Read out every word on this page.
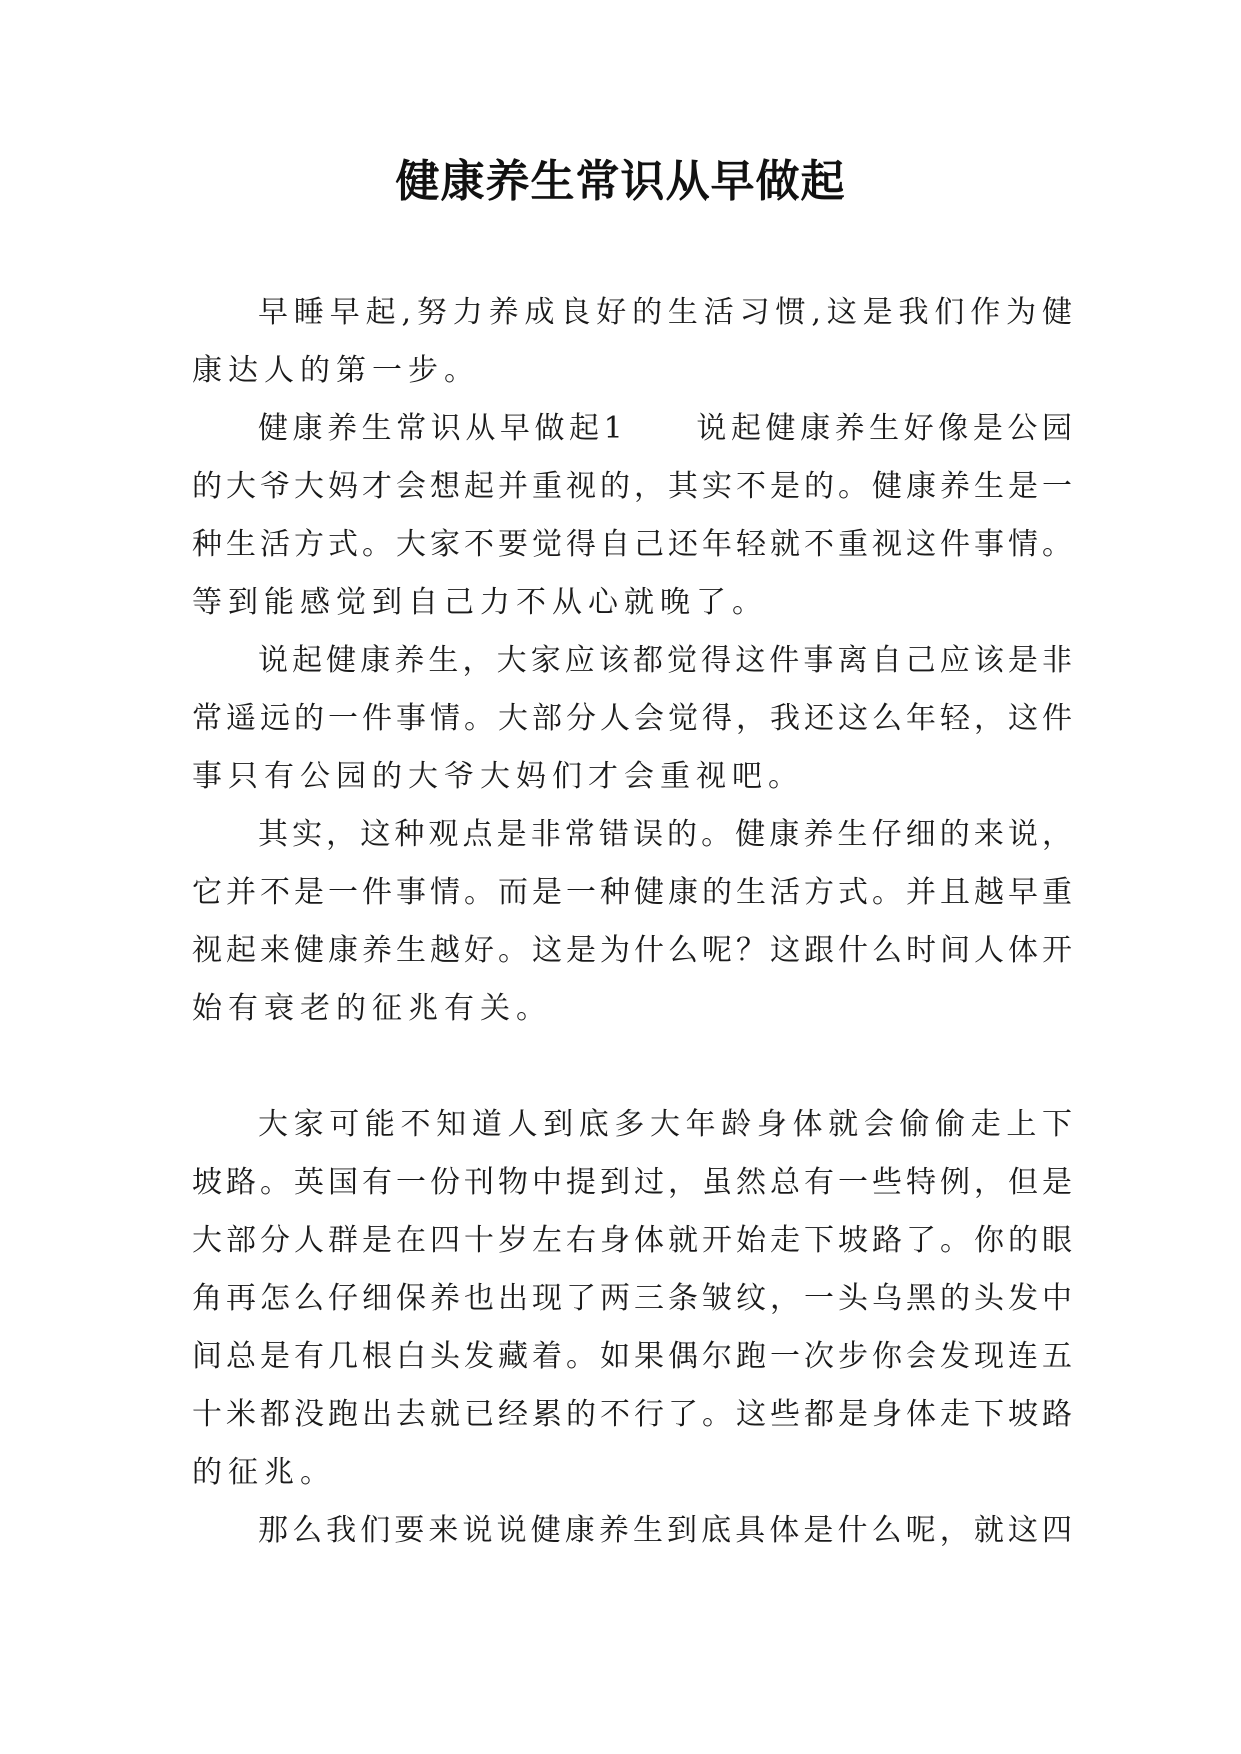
健康养生常识从早做起
早睡早起,努力养成良好的生活习惯,这是我们作为健
康达人的第一步。
健康养生常识从早做起1　　说起健康养生好像是公园
的大爷大妈才会想起并重视的，其实不是的。健康养生是一
种生活方式。大家不要觉得自己还年轻就不重视这件事情。
等到能感觉到自己力不从心就晚了。
说起健康养生，大家应该都觉得这件事离自己应该是非
常遥远的一件事情。大部分人会觉得，我还这么年轻，这件
事只有公园的大爷大妈们才会重视吧。
其实，这种观点是非常错误的。健康养生仔细的来说，
它并不是一件事情。而是一种健康的生活方式。并且越早重
视起来健康养生越好。这是为什么呢？这跟什么时间人体开
始有衰老的征兆有关。
大家可能不知道人到底多大年龄身体就会偷偷走上下
坡路。英国有一份刊物中提到过，虽然总有一些特例，但是
大部分人群是在四十岁左右身体就开始走下坡路了。你的眼
角再怎么仔细保养也出现了两三条皱纹，一头乌黑的头发中
间总是有几根白头发藏着。如果偶尔跑一次步你会发现连五
十米都没跑出去就已经累的不行了。这些都是身体走下坡路
的征兆。
那么我们要来说说健康养生到底具体是什么呢，就这四
